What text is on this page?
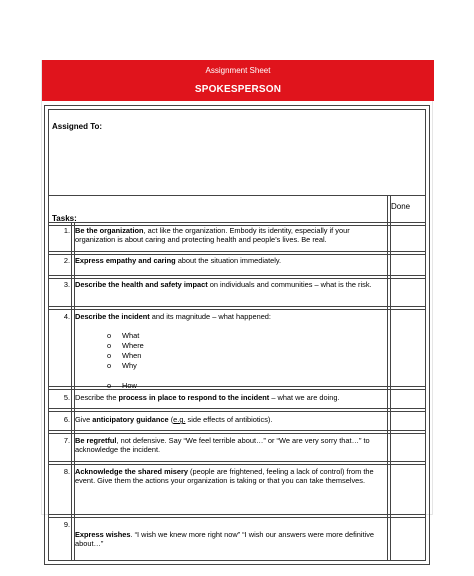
Assignment Sheet
SPOKESPERSON
Assigned To:
Tasks:
Done
1. Be the organization, act like the organization. Embody its identity, especially if your organization is about caring and protecting health and people’s lives. Be real.
2. Express empathy and caring about the situation immediately.
3. Describe the health and safety impact on individuals and communities – what is the risk.
4. Describe the incident and its magnitude – what happened:
o	What
o	Where
o	When
o	Why
o	How
5. Describe the process in place to respond to the incident – what we are doing.
6. Give anticipatory guidance (e.g. side effects of antibiotics).
7. Be regretful, not defensive. Say “We feel terrible about…” or “We are very sorry that…” to acknowledge the incident.
8. Acknowledge the shared misery (people are frightened, feeling a lack of control) from the event. Give them the actions your organization is taking or that you can take themselves.
9.
Express wishes. “I wish we knew more right now” “I wish our answers were more definitive about…”
